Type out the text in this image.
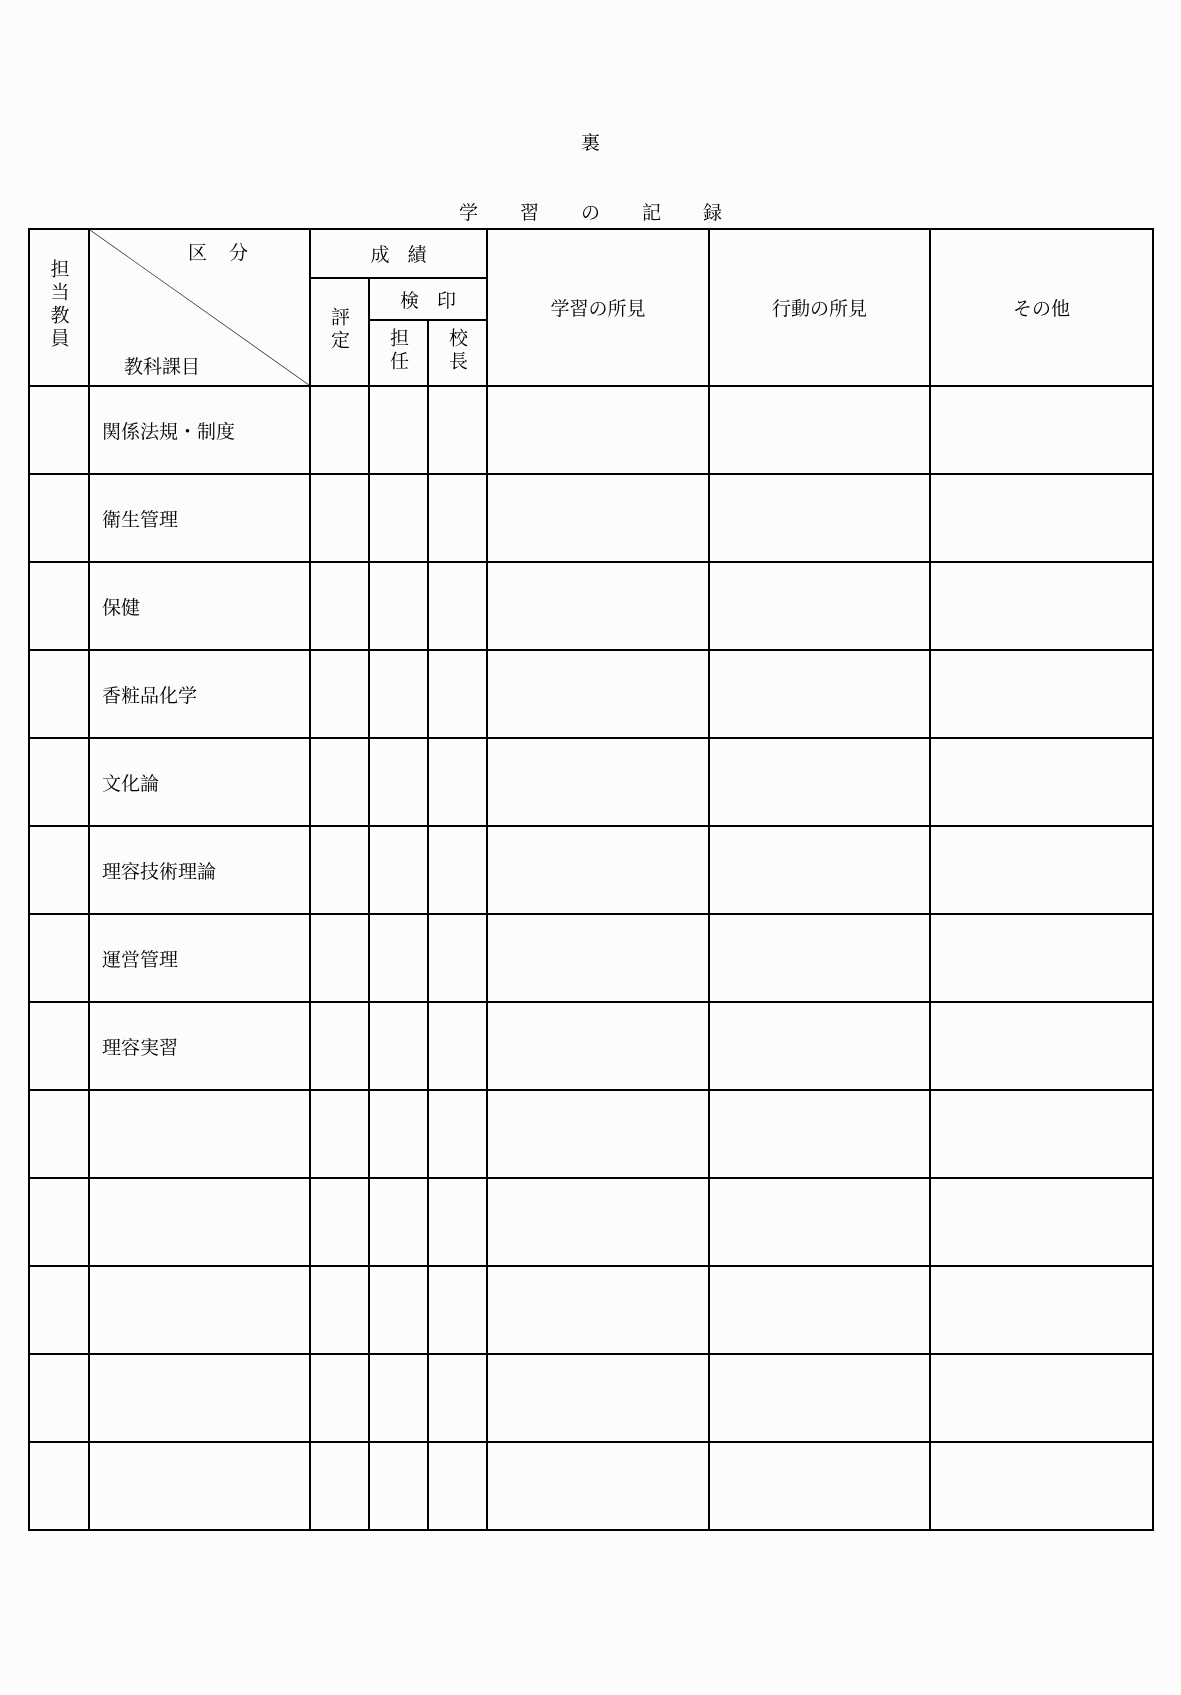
裏
学習の記録
担当教員	区分
教科課目	成績			学習の所見	行動の所見	その他
		評定	検印				
			担任	校長			
	関係法規・制度						
	衛生管理						
	保健						
	香粧品化学						
	文化論						
	理容技術理論						
	運営管理						
	理容実習						
